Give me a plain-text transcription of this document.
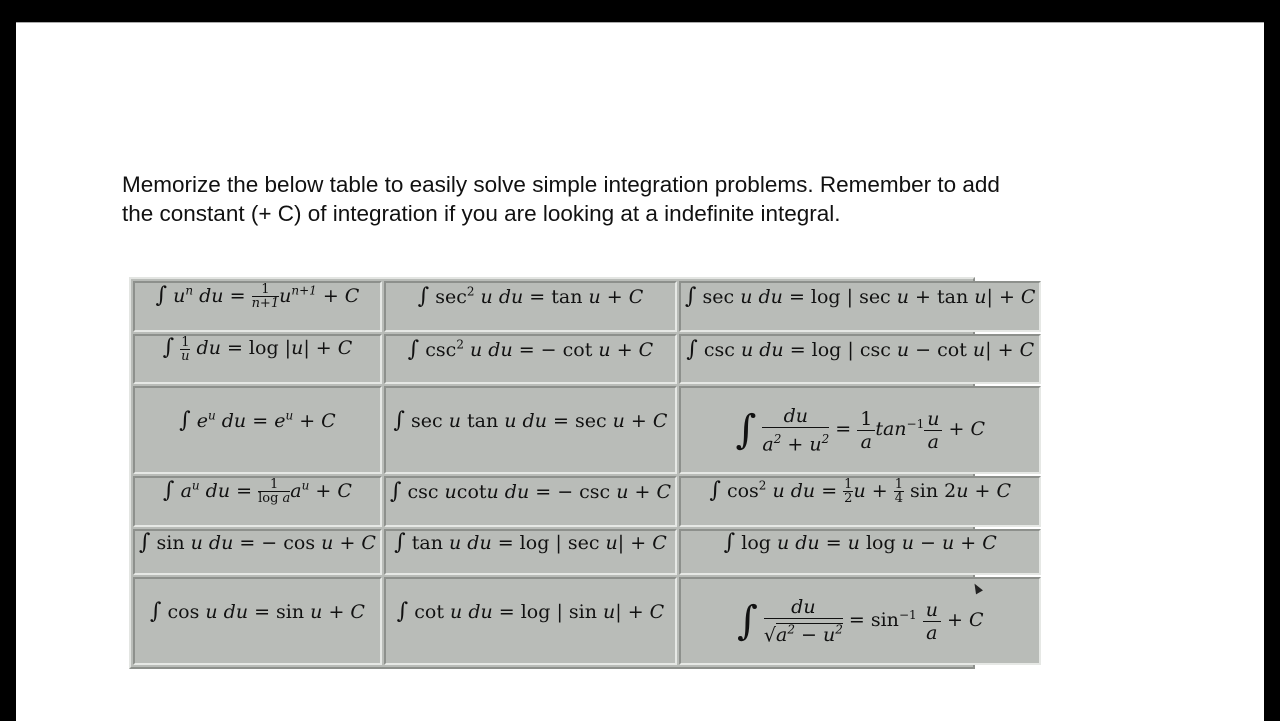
Memorize the below table to easily solve simple integration problems. Remember to add
the constant (+ C) of integration if you are looking at a indefinite integral.
∫ $u^n$ du = $\frac{1}{n+1} u^{n+1} + C$	∫ $\sec^2 u$ du = tan u + C	∫ sec u du = log | sec u + tan u| + C
∫ $\frac{1}{u}$ du = log |u| + C	∫ $\csc^2 u$ du = − cot u + C	∫ csc u du = log | csc u − cot u| + C
∫ $e^u$ du = $e^u + C$	∫ sec u tan u du = sec u + C	∫ $\frac{du}{a^2 + u^2} = \frac{1}{a} \tan^{-1} \frac{u}{a} + C$
∫ $a^u$ du = $\frac{1}{\text{log a}} a^u + C$	∫ csc ucotu du = − csc u + C	∫ $\cos^2 u$ du = $\frac{1}{2}$ $u + \frac{1}{4}$ sin 2u + C
∫ sin u du = − cos u + C	∫ tan u du = log | sec u| + C	∫ log u du = u log u − u + C
∫ cos u du = sin u + C	∫ cot u du = log | sin u| + C	∫ $\frac{du}{√a^2 - u^2} = \sin^{-1} \frac{u}{a} + C$
